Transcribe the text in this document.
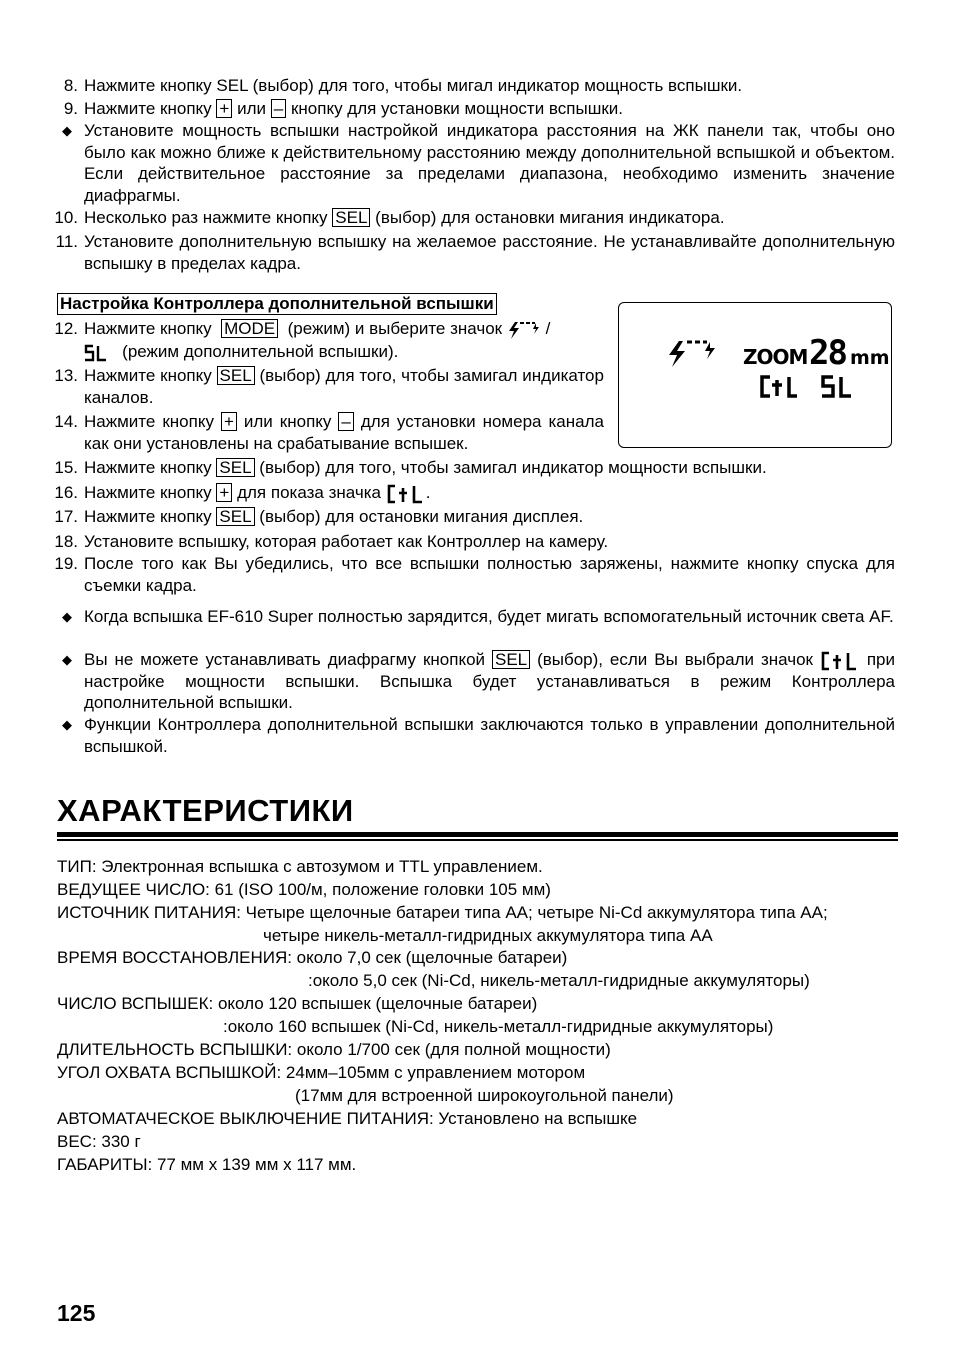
8. Нажмите кнопку SEL (выбор) для того, чтобы мигал индикатор мощность вспышки.
9. Нажмите кнопку + или – кнопку для установки мощности вспышки.
◆ Установите мощность вспышки настройкой индикатора расстояния на ЖК панели так, чтобы оно было как можно ближе к действительному расстоянию между дополнительной вспышкой и объектом. Если действительное расстояние за пределами диапазона, необходимо изменить значение диафрагмы.
10. Несколько раз нажмите кнопку SEL (выбор) для остановки мигания индикатора.
11. Установите дополнительную вспышку на желаемое расстояние. Не устанавливайте дополнительную вспышку в пределах кадра.
Настройка Контроллера дополнительной вспышки
12. Нажмите кнопку MODE (режим) и выберите значок	/
(режим дополнительной вспышки).
13. Нажмите кнопку SEL (выбор) для того, чтобы замигал индикатор каналов.
14. Нажмите кнопку + или кнопку – для установки номера канала как они установлены на срабатывание вспышек.
ZOOM 28 mm
15. Нажмите кнопку SEL (выбор) для того, чтобы замигал индикатор мощности вспышки.
16. Нажмите кнопку + для показа значка	.
17. Нажмите кнопку SEL (выбор) для остановки мигания дисплея.
18. Установите вспышку, которая работает как Контроллер на камеру.
19. После того как Вы убедились, что все вспышки полностью заряжены, нажмите кнопку спуска для съемки кадра.
◆ Когда вспышка EF-610 Super полностью зарядится, будет мигать вспомогательный источник света AF.
◆ Вы не можете устанавливать диафрагму кнопкой SEL (выбор), если Вы выбрали значок	при настройке мощности вспышки. Вспышка будет устанавливаться в режим Контроллера дополнительной вспышки.
◆ Функции Контроллера дополнительной вспышки заключаются только в управлении дополнительной вспышкой.
ХАРАКТЕРИСТИКИ
ТИП: Электронная вспышка с автозумом и TTL управлением.
ВЕДУЩЕЕ ЧИСЛО: 61 (ISO 100/м, положение головки 105 мм)
ИСТОЧНИК ПИТАНИЯ: Четыре щелочные батареи типа АА; четыре Ni-Cd аккумулятора типа АА;
четыре никель-металл-гидридных аккумулятора типа АА
ВРЕМЯ ВОССТАНОВЛЕНИЯ: около 7,0 сек (щелочные батареи)
:около 5,0 сек (Ni-Cd, никель-металл-гидридные аккумуляторы)
ЧИСЛО ВСПЫШЕК: около 120 вспышек (щелочные батареи)
:около 160 вспышек (Ni-Cd, никель-металл-гидридные аккумуляторы)
ДЛИТЕЛЬНОСТЬ ВСПЫШКИ: около 1/700 сек (для полной мощности)
УГОЛ ОХВАТА ВСПЫШКОЙ: 24мм–105мм с управлением мотором
(17мм для встроенной широкоугольной панели)
АВТОМАТАЧЕСКОЕ ВЫКЛЮЧЕНИЕ ПИТАНИЯ: Установлено на вспышке
ВЕС: 330 г
ГАБАРИТЫ: 77 мм х 139 мм х 117 мм.
125
